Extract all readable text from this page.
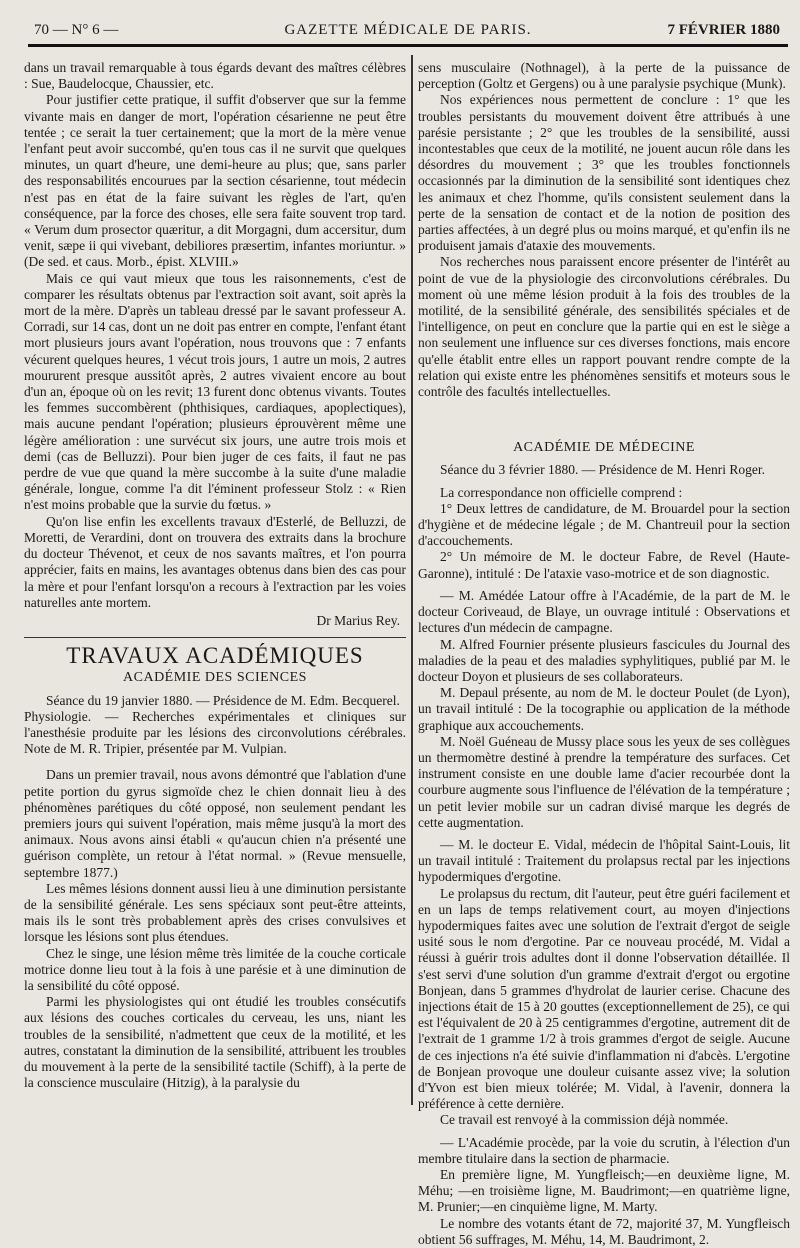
70 — N° 6 —	GAZETTE MÉDICALE DE PARIS.	7 FÉVRIER 1880

dans un travail remarquable à tous égards devant des maîtres célèbres : Sue, Baudelocque, Chaussier, etc.

Pour justifier cette pratique, il suffit d'observer que sur la femme vivante mais en danger de mort, l'opération césarienne ne peut être tentée ; ce serait la tuer certainement; que la mort de la mère venue l'enfant peut avoir succombé, qu'en tous cas il ne survit que quelques minutes, un quart d'heure, une demi-heure au plus; que, sans parler des responsabilités encourues par la section césarienne, tout médecin n'est pas en état de la faire suivant les règles de l'art, qu'en conséquence, par la force des choses, elle sera faite souvent trop tard. « Verum dum prosector quæritur, a dit Morgagni, dum accersitur, dum venit, sæpe ii qui vivebant, debiliores præsertim, infantes moriuntur. » (De sed. et caus. Morb., épist. XLVIII.»

Mais ce qui vaut mieux que tous les raisonnements, c'est de comparer les résultats obtenus par l'extraction soit avant, soit après la mort de la mère. D'après un tableau dressé par le savant professeur A. Corradi, sur 14 cas, dont un ne doit pas entrer en compte, l'enfant étant mort plusieurs jours avant l'opération, nous trouvons que : 7 enfants vécurent quelques heures, 1 vécut trois jours, 1 autre un mois, 2 autres moururent presque aussitôt après, 2 autres vivaient encore au bout d'un an, époque où on les revit; 13 furent donc obtenus vivants. Toutes les femmes succombèrent (phthisiques, cardiaques, apoplectiques), mais aucune pendant l'opération; plusieurs éprouvèrent même une légère amélioration : une survécut six jours, une autre trois mois et demi (cas de Belluzzi). Pour bien juger de ces faits, il faut ne pas perdre de vue que quand la mère succombe à la suite d'une maladie générale, longue, comme l'a dit l'éminent professeur Stolz : « Rien n'est moins probable que la survie du fœtus. »

Qu'on lise enfin les excellents travaux d'Esterlé, de Belluzzi, de Moretti, de Verardini, dont on trouvera des extraits dans la brochure du docteur Thévenot, et ceux de nos savants maîtres, et l'on pourra apprécier, faits en mains, les avantages obtenus dans bien des cas pour la mère et pour l'enfant lorsqu'on a recours à l'extraction par les voies naturelles ante mortem.

Dr Marius Rey.
TRAVAUX ACADÉMIQUES
ACADÉMIE DES SCIENCES

Séance du 19 janvier 1880. — Présidence de M. Edm. Becquerel.

Physiologie. — Recherches expérimentales et cliniques sur l'anesthésie produite par les lésions des circonvolutions cérébrales. Note de M. R. Tripier, présentée par M. Vulpian.

Dans un premier travail, nous avons démontré que l'ablation d'une petite portion du gyrus sigmoïde chez le chien donnait lieu à des phénomènes parétiques du côté opposé, non seulement pendant les premiers jours qui suivent l'opération, mais même jusqu'à la mort des animaux. Nous avons ainsi établi « qu'aucun chien n'a présenté une guérison complète, un retour à l'état normal. » (Revue mensuelle, septembre 1877.)

Les mêmes lésions donnent aussi lieu à une diminution persistante de la sensibilité générale. Les sens spéciaux sont peut-être atteints, mais ils le sont très probablement après des crises convulsives et lorsque les lésions sont plus étendues.

Chez le singe, une lésion même très limitée de la couche corticale motrice donne lieu tout à la fois à une parésie et à une diminution de la sensibilité du côté opposé.

Parmi les physiologistes qui ont étudié les troubles consécutifs aux lésions des couches corticales du cerveau, les uns, niant les troubles de la sensibilité, n'admettent que ceux de la motilité, et les autres, constatant la diminution de la sensibilité, attribuent les troubles du mouvement à la perte de la sensibilité tactile (Schiff), à la perte de la conscience musculaire (Hitzig), à la paralysie du

sens musculaire (Nothnagel), à la perte de la puissance de perception (Goltz et Gergens) ou à une paralysie psychique (Munk).

Nos expériences nous permettent de conclure : 1° que les troubles persistants du mouvement doivent être attribués à une parésie persistante ; 2° que les troubles de la sensibilité, aussi incontestables que ceux de la motilité, ne jouent aucun rôle dans les désordres du mouvement ; 3° que les troubles fonctionnels occasionnés par la diminution de la sensibilité sont identiques chez les animaux et chez l'homme, qu'ils consistent seulement dans la perte de la sensation de contact et de la notion de position des parties affectées, à un degré plus ou moins marqué, et qu'enfin ils ne produisent jamais d'ataxie des mouvements.

Nos recherches nous paraissent encore présenter de l'intérêt au point de vue de la physiologie des circonvolutions cérébrales. Du moment où une même lésion produit à la fois des troubles de la motilité, de la sensibilité générale, des sensibilités spéciales et de l'intelligence, on peut en conclure que la partie qui en est le siège a non seulement une influence sur ces diverses fonctions, mais encore qu'elle établit entre elles un rapport pouvant rendre compte de la relation qui existe entre les phénomènes sensitifs et moteurs sous le contrôle des facultés intellectuelles.

ACADÉMIE DE MÉDECINE

Séance du 3 février 1880. — Présidence de M. Henri Roger.

La correspondance non officielle comprend :

1° Deux lettres de candidature, de M. Brouardel pour la section d'hygiène et de médecine légale ; de M. Chantreuil pour la section d'accouchements.

2° Un mémoire de M. le docteur Fabre, de Revel (Haute-Garonne), intitulé : De l'ataxie vaso-motrice et de son diagnostic.

— M. Amédée Latour offre à l'Académie, de la part de M. le docteur Coriveaud, de Blaye, un ouvrage intitulé : Observations et lectures d'un médecin de campagne.

M. Alfred Fournier présente plusieurs fascicules du Journal des maladies de la peau et des maladies syphylitiques, publié par M. le docteur Doyon et plusieurs de ses collaborateurs.

M. Depaul présente, au nom de M. le docteur Poulet (de Lyon), un travail intitulé : De la tocographie ou application de la méthode graphique aux accouchements.

M. Noël Guéneau de Mussy place sous les yeux de ses collègues un thermomètre destiné à prendre la température des surfaces. Cet instrument consiste en une double lame d'acier recourbée dont la courbure augmente sous l'influence de l'élévation de la température ; un petit levier mobile sur un cadran divisé marque les degrés de cette augmentation.

— M. le docteur E. Vidal, médecin de l'hôpital Saint-Louis, lit un travail intitulé : Traitement du prolapsus rectal par les injections hypodermiques d'ergotine.

Le prolapsus du rectum, dit l'auteur, peut être guéri facilement et en un laps de temps relativement court, au moyen d'injections hypodermiques faites avec une solution de l'extrait d'ergot de seigle usité sous le nom d'ergotine. Par ce nouveau procédé, M. Vidal a réussi à guérir trois adultes dont il donne l'observation détaillée. Il s'est servi d'une solution d'un gramme d'extrait d'ergot ou ergotine Bonjean, dans 5 grammes d'hydrolat de laurier cerise. Chacune des injections était de 15 à 20 gouttes (exceptionnellement de 25), ce qui est l'équivalent de 20 à 25 centigrammes d'ergotine, autrement dit de l'extrait de 1 gramme 1/2 à trois grammes d'ergot de seigle. Aucune de ces injections n'a été suivie d'inflammation ni d'abcès. L'ergotine de Bonjean provoque une douleur cuisante assez vive; la solution d'Yvon est bien mieux tolérée; M. Vidal, à l'avenir, donnera la préférence à cette dernière.

Ce travail est renvoyé à la commission déjà nommée.

— L'Académie procède, par la voie du scrutin, à l'élection d'un membre titulaire dans la section de pharmacie.

En première ligne, M. Yungfleisch;—en deuxième ligne, M. Méhu; —en troisième ligne, M. Baudrimont;—en quatrième ligne, M. Prunier;—en cinquième ligne, M. Marty.

Le nombre des votants étant de 72, majorité 37, M. Yungfleisch obtient 56 suffrages, M. Méhu, 14, M. Baudrimont, 2.
